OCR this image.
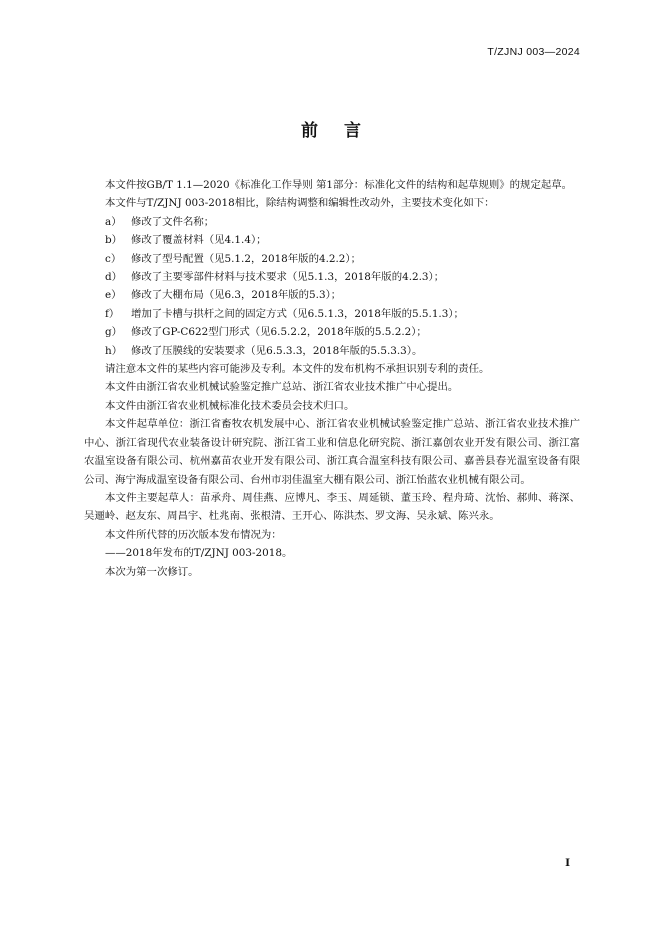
T/ZJNJ 003—2024
前言

本文件按GB/T 1.1—2020《标准化工作导则 第1部分：标准化文件的结构和起草规则》的规定起草。

本文件与T/ZJNJ 003-2018相比，除结构调整和编辑性改动外，主要技术变化如下：

a） 修改了文件名称；

b） 修改了覆盖材料（见4.1.4）；

c） 修改了型号配置（见5.1.2，2018年版的4.2.2）；

d） 修改了主要零部件材料与技术要求（见5.1.3，2018年版的4.2.3）；

e） 修改了大棚布局（见6.3，2018年版的5.3）；

f） 增加了卡槽与拱杆之间的固定方式（见6.5.1.3，2018年版的5.5.1.3）；

g） 修改了GP-C622型门形式（见6.5.2.2，2018年版的5.5.2.2）；

h） 修改了压膜线的安装要求（见6.5.3.3，2018年版的5.5.3.3）。

请注意本文件的某些内容可能涉及专利。本文件的发布机构不承担识别专利的责任。

本文件由浙江省农业机械试验鉴定推广总站、浙江省农业技术推广中心提出。

本文件由浙江省农业机械标准化技术委员会技术归口。

本文件起草单位：浙江省畜牧农机发展中心、浙江省农业机械试验鉴定推广总站、浙江省农业技术推广中心、浙江省现代农业装备设计研究院、浙江省工业和信息化研究院、浙江嘉创农业开发有限公司、浙江富农温室设备有限公司、杭州嘉苗农业开发有限公司、浙江真合温室科技有限公司、嘉善县春光温室设备有限公司、海宁海成温室设备有限公司、台州市羽佳温室大棚有限公司、浙江怡蓝农业机械有限公司。

本文件主要起草人：苗承舟、周佳燕、应博凡、李玉、周延锁、董玉玲、程舟琦、沈怡、郝帅、蒋深、吴逦岭、赵友东、周昌宇、杜兆南、张根清、王开心、陈洪杰、罗文海、吴永斌、陈兴永。

本文件所代替的历次版本发布情况为：

——2018年发布的T/ZJNJ 003-2018。

本次为第一次修订。

I
